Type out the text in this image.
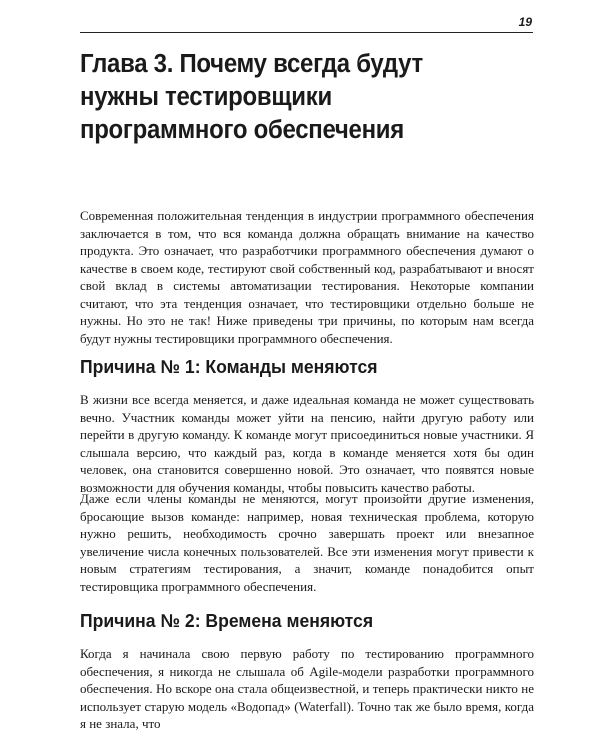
19
Глава 3. Почему всегда будут нужны тестировщики программного обеспечения

Современная положительная тенденция в индустрии программного обеспечения заключается в том, что вся команда должна обращать внимание на качество продукта. Это означает, что разработчики программного обеспечения думают о качестве в своем коде, тестируют свой собственный код, разрабатывают и вносят свой вклад в системы автоматизации тестирования. Некоторые компании считают, что эта тенденция означает, что тестировщики отдельно больше не нужны. Но это не так! Ниже приведены три причины, по которым нам всегда будут нужны тестировщики программного обеспечения.

Причина № 1: Команды меняются

В жизни все всегда меняется, и даже идеальная команда не может существовать вечно. Участник команды может уйти на пенсию, найти другую работу или перейти в другую команду. К команде могут присоединиться новые участники. Я слышала версию, что каждый раз, когда в команде меняется хотя бы один человек, она становится совершенно новой. Это означает, что появятся новые возможности для обучения команды, чтобы повысить качество работы.

Даже если члены команды не меняются, могут произойти другие изменения, бросающие вызов команде: например, новая техническая проблема, которую нужно решить, необходимость срочно завершать проект или внезапное увеличение числа конечных пользователей. Все эти изменения могут привести к новым стратегиям тестирования, а значит, команде понадобится опыт тестировщика программного обеспечения.

Причина № 2: Времена меняются

Когда я начинала свою первую работу по тестированию программного обеспечения, я никогда не слышала об Agile-модели разработки программного обеспечения. Но вскоре она стала общеизвестной, и теперь практически никто не использует старую модель «Водопад» (Waterfall). Точно так же было время, когда я не знала, что
